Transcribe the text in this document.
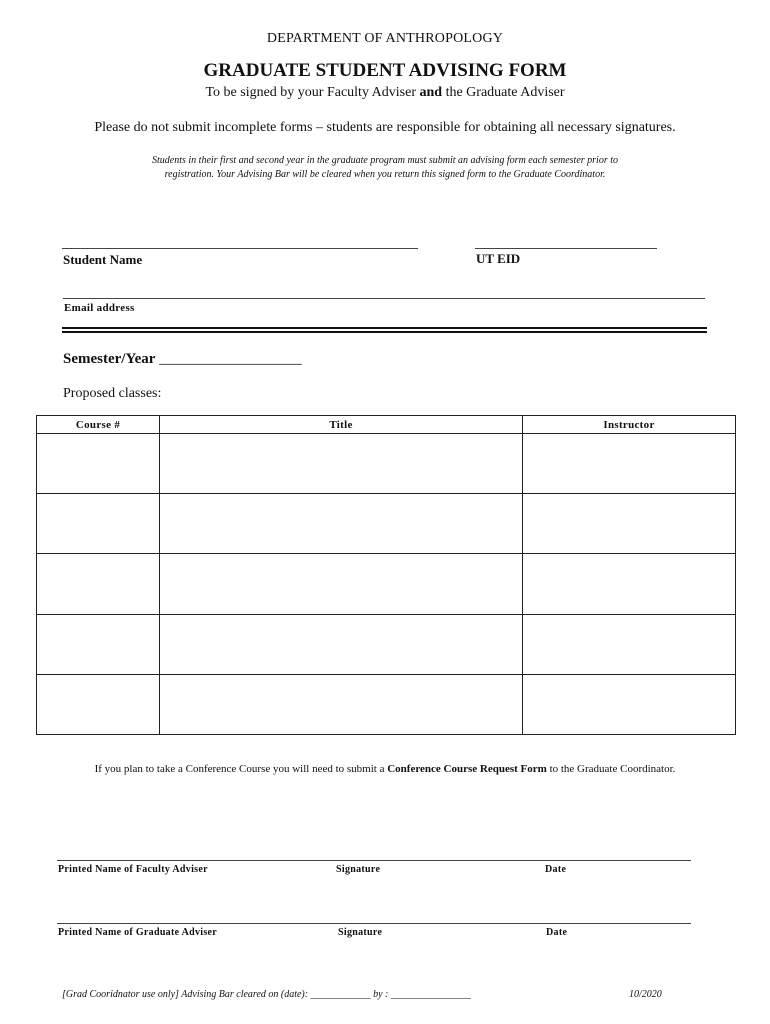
DEPARTMENT OF ANTHROPOLOGY
GRADUATE STUDENT ADVISING FORM
To be signed by your Faculty Adviser and the Graduate Adviser
Please do not submit incomplete forms – students are responsible for obtaining all necessary signatures.
Students in their first and second year in the graduate program must submit an advising form each semester prior to
registration. Your Advising Bar will be cleared when you return this signed form to the Graduate Coordinator.
Student Name	UT EID
Email address
Semester/Year ___________________
Proposed classes:
Course #	Title	Instructor

If you plan to take a Conference Course you will need to submit a Conference Course Request Form to the Graduate Coordinator.
Printed Name of Faculty Adviser	Signature	Date
Printed Name of Graduate Adviser	Signature	Date
[Grad Cooridnator use only] Advising Bar cleared on (date): ____________ by : ________________	10/2020
